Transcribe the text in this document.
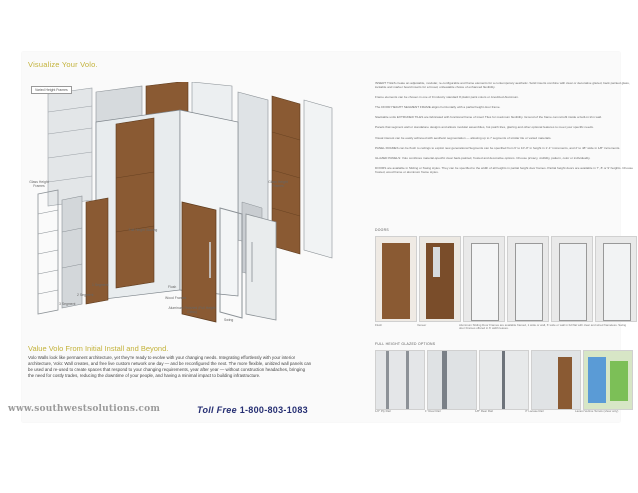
Visualize Your Volo.
Varied Height Frames
Glass Height Frames
Glass Height Frames
Full Height Glazing
1 Segment
2 Segment
3 Segment
Flush
Wood Frames
Aluminum Finished (Full Height Glass)
Swing

INSERT TILES create an adjustable, modular, re-configurable and frame elements for a contemporary aesthetic. Solid inserts combine with clear or decorative glazed, back painted glass, lockable and marker board inserts for a broad, unbeatable choice of enhanced flexibility.

Frame elements can be chosen in one of 9 industry standard 8 platini paint colors or Anodized Aluminum.

The DOOR HEIGHT SEGMENT FRAME aligns horizontally with a partial height door frame.

Stackable units EXTRUDED TILES are fabricated with functional frame of insert Tiles for maximum flexibility. Ground of the frame can retrofit inside a built-in trim wall.

Panels that segment wall or standalone designs and allows modular assemblies, hot patch tiles, glazing and other optional features to meet your specific needs.

Visual interest can be easily achieved with aesthetic segmentation — allowing up to 7 segments of similar tile or varied materials.

PANEL FRAMES can be flush to ceilings to exploit new generational Segments can be specified from 6' to 10'-0" in height in 1'-1" increments, and 2' to 48" wide in 1/8" increments.

GLAZED PANELS: Volo combines material-specific clear back-painted, frosted and decorative options. Choose privacy, visibility, pattern, color or individuality.

DOORS are available in Sliding or Swing styles. They can be specified to the width of all heights in partial height door frames. Partial height doors are available in 7', 8' or 9' heights. Choose frosted, wood frame or aluminum frame styles.

DOORS
Flush	Veneer	Aluminum Sliding Door Frames are available framed, 1 wide or wall, 6' wide or wall in full flat with clear and wired frameless. Swing door Frames offered in 6' width leaves.
FULL HEIGHT GLAZED OPTIONS
1/2" Ply Rail	1" Rear Rail	1/8" Rear Rail	3" Lacase Rail	Lacast Vertine Terrels (show only)
Value Volo From Initial Install and Beyond.
Volo Walls look like permanent architecture, yet they're ready to evolve with your changing needs. Integrating effortlessly with your interior architecture, Volo: Wall creates, and free live custom network one day — and be reconfigured the next. The more flexible, unitized wall panels can be used and re-used to create spaces that respond to your changing requirements, year after year — without construction headaches, bringing the need for costly trades, reducing the downtime of your people, and having a minimal impact to building infrastructure.
www.southwestsolutions.com	Toll Free 1-800-803-1083
